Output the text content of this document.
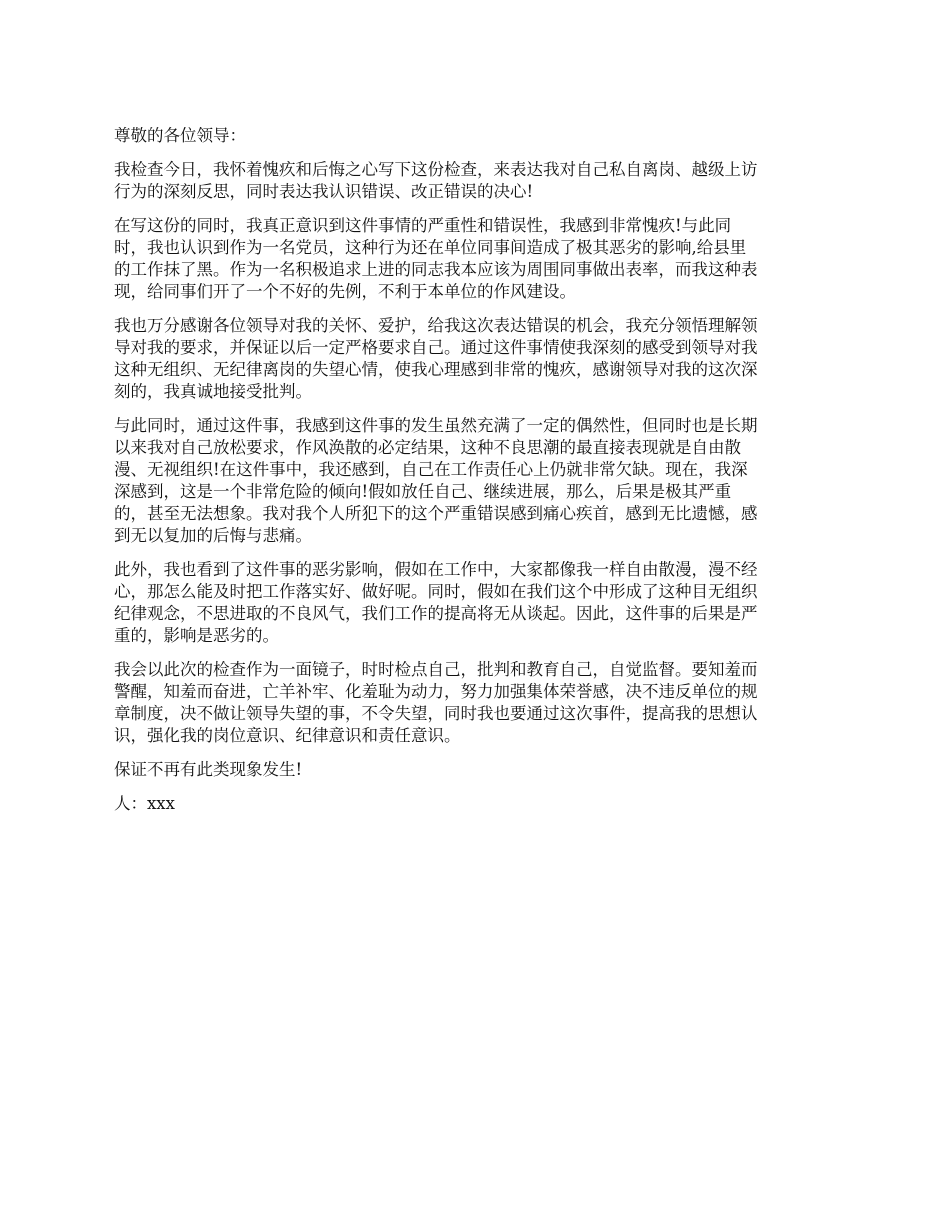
尊敬的各位领导：
我检查今日，我怀着愧疚和后悔之心写下这份检查，来表达我对自己私自离岗、越级上访
行为的深刻反思，同时表达我认识错误、改正错误的决心!
在写这份的同时，我真正意识到这件事情的严重性和错误性，我感到非常愧疚!与此同
时，我也认识到作为一名党员，这种行为还在单位同事间造成了极其恶劣的影响,给县里
的工作抹了黑。作为一名积极追求上进的同志我本应该为周围同事做出表率，而我这种表
现，给同事们开了一个不好的先例，不利于本单位的作风建设。
我也万分感谢各位领导对我的关怀、爱护，给我这次表达错误的机会，我充分领悟理解领
导对我的要求，并保证以后一定严格要求自己。通过这件事情使我深刻的感受到领导对我
这种无组织、无纪律离岗的失望心情，使我心理感到非常的愧疚，感谢领导对我的这次深
刻的，我真诚地接受批判。
与此同时，通过这件事，我感到这件事的发生虽然充满了一定的偶然性，但同时也是长期
以来我对自己放松要求，作风涣散的必定结果，这种不良思潮的最直接表现就是自由散
漫、无视组织!在这件事中，我还感到，自己在工作责任心上仍就非常欠缺。现在，我深
深感到，这是一个非常危险的倾向!假如放任自己、继续进展，那么，后果是极其严重
的，甚至无法想象。我对我个人所犯下的这个严重错误感到痛心疾首，感到无比遗憾，感
到无以复加的后悔与悲痛。
此外，我也看到了这件事的恶劣影响，假如在工作中，大家都像我一样自由散漫，漫不经
心，那怎么能及时把工作落实好、做好呢。同时，假如在我们这个中形成了这种目无组织
纪律观念，不思进取的不良风气，我们工作的提高将无从谈起。因此，这件事的后果是严
重的，影响是恶劣的。
我会以此次的检查作为一面镜子，时时检点自己，批判和教育自己，自觉监督。要知羞而
警醒，知羞而奋进，亡羊补牢、化羞耻为动力，努力加强集体荣誉感，决不违反单位的规
章制度，决不做让领导失望的事，不令失望，同时我也要通过这次事件，提高我的思想认
识，强化我的岗位意识、纪律意识和责任意识。
保证不再有此类现象发生!
人：xxx
